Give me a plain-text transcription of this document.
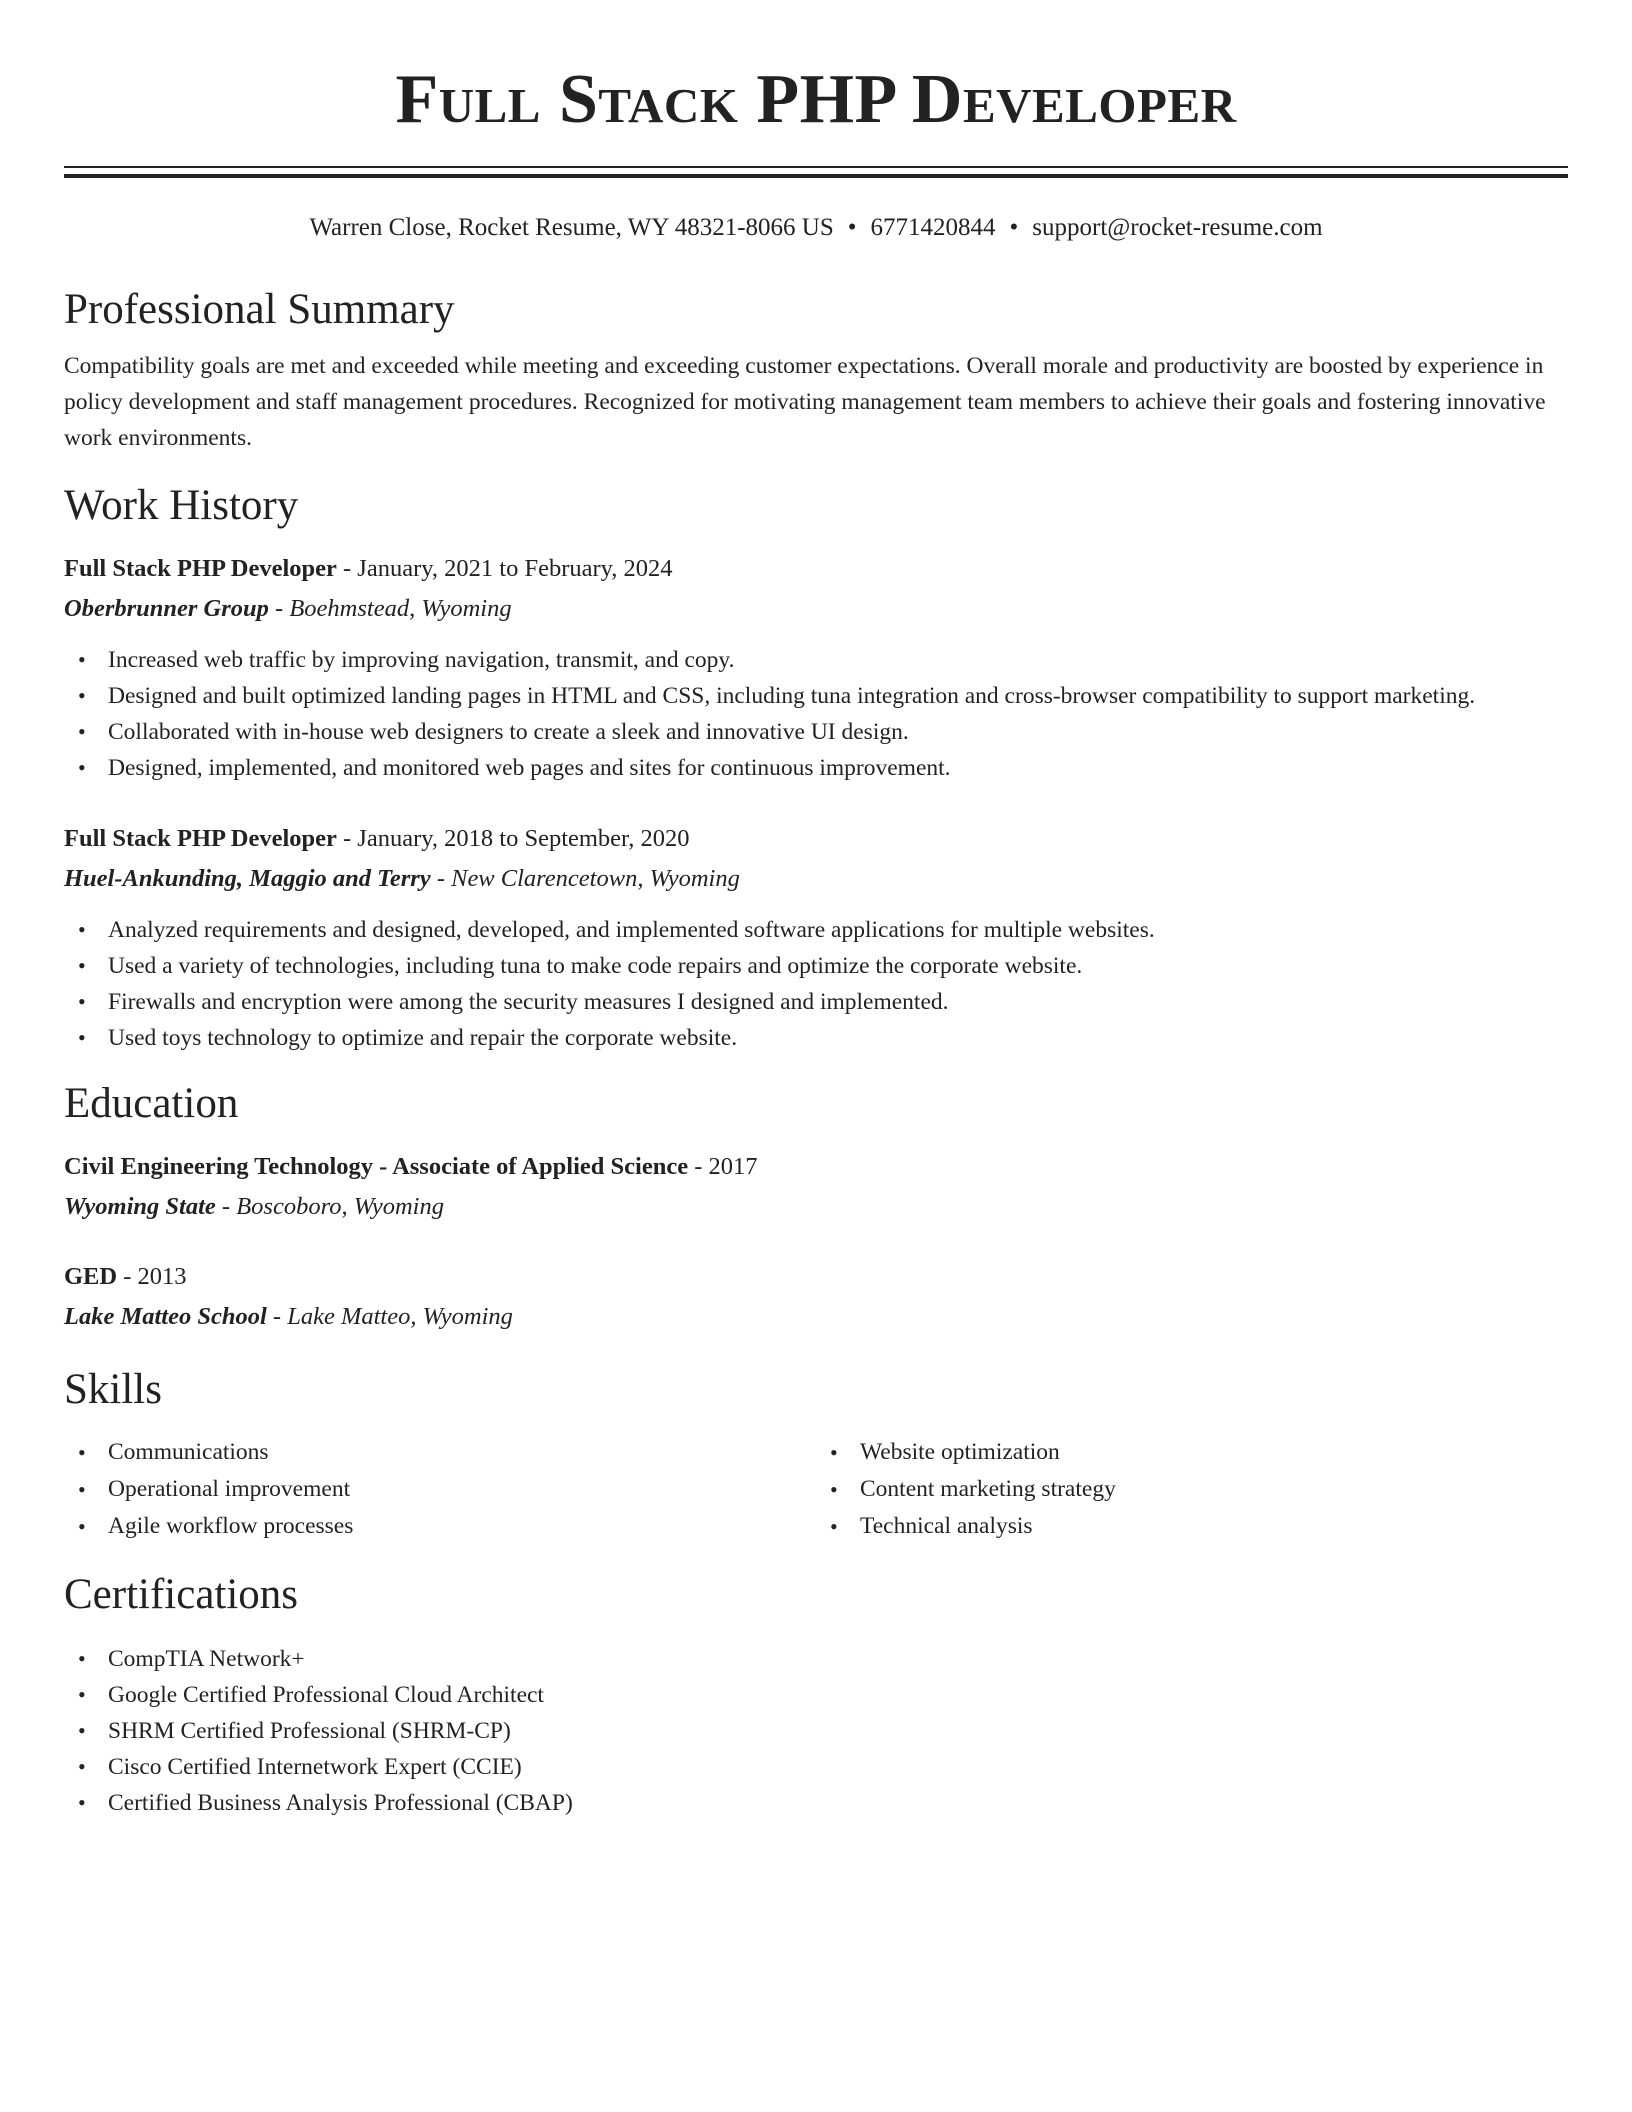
Full Stack PHP Developer
Warren Close, Rocket Resume, WY 48321-8066 US • 6771420844 • support@rocket-resume.com
Professional Summary

Compatibility goals are met and exceeded while meeting and exceeding customer expectations. Overall morale and productivity are boosted by experience in policy development and staff management procedures. Recognized for motivating management team members to achieve their goals and fostering innovative work environments.

Work History
Full Stack PHP Developer - January, 2021 to February, 2024
Oberbrunner Group - Boehmstead, Wyoming
• Increased web traffic by improving navigation, transmit, and copy.
• Designed and built optimized landing pages in HTML and CSS, including tuna integration and cross-browser compatibility to support marketing.
• Collaborated with in-house web designers to create a sleek and innovative UI design.
• Designed, implemented, and monitored web pages and sites for continuous improvement.
Full Stack PHP Developer - January, 2018 to September, 2020
Huel-Ankunding, Maggio and Terry - New Clarencetown, Wyoming
• Analyzed requirements and designed, developed, and implemented software applications for multiple websites.
• Used a variety of technologies, including tuna to make code repairs and optimize the corporate website.
• Firewalls and encryption were among the security measures I designed and implemented.
• Used toys technology to optimize and repair the corporate website.
Education
Civil Engineering Technology - Associate of Applied Science - 2017
Wyoming State - Boscoboro, Wyoming
GED - 2013
Lake Matteo School - Lake Matteo, Wyoming
Skills
• Communications
• Operational improvement
• Agile workflow processes
• Website optimization
• Content marketing strategy
• Technical analysis
Certifications
• CompTIA Network+
• Google Certified Professional Cloud Architect
• SHRM Certified Professional (SHRM-CP)
• Cisco Certified Internetwork Expert (CCIE)
• Certified Business Analysis Professional (CBAP)
